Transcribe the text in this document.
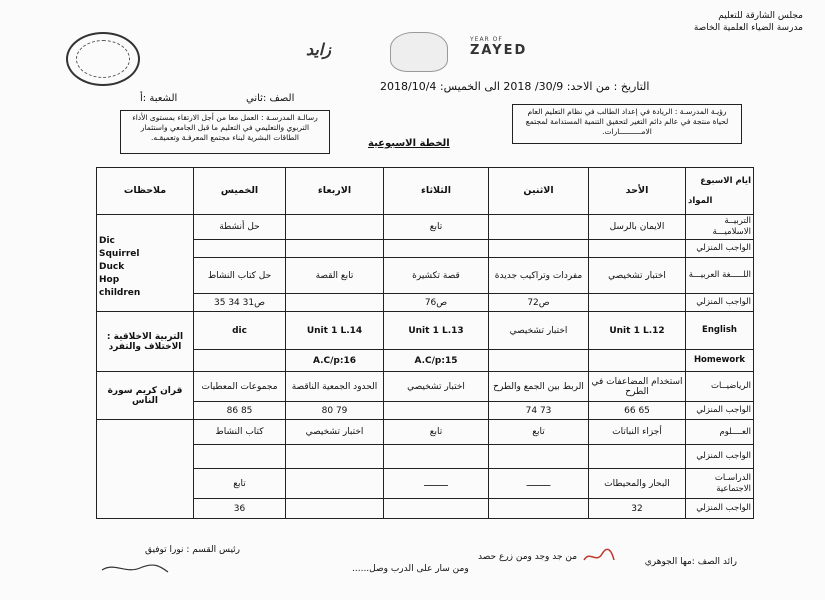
مجلس الشارقة للتعليم
مدرسة الضياء العلمية الخاصة
زايد
YEAR OF
ZAYED
التاريخ : من الاحد: 30/9/ 2018 الى الخميس: 2018/10/4
الصف :ثاني
الشعبة :أ
رؤيـة المدرسـة : الريادة في إعداد الطالب في نظام التعليم العام لحياة منتجة في عالم دائم التغير لتحقيق التنمية المستدامة لمجتمع الامــــــــــارات.
رسالـة المدرسـة : العمل معا من أجل الارتقاء بمستوى الأداء التربوي والتعليمي في التعليم ما قبل الجامعي واستثمار الطاقات البشرية لبناء مجتمع المعرفـة وتعميقـه.
الخطة الاسبوعية
ايام الاسبوع
المواد	الأحد	الاثنين	الثلاثاء	الاربعاء	الخميس	ملاحظات
التربيــة الاسلاميـــة	الايمان بالرسل		تابع		حل أنشطة	Dic
Squirrel
Duck
Hop
children

الواجب المنزلي						
اللـــــغة العربيـــة	اختبار تشخيصي	مفردات وتراكيب جديدة	قصة تكشيرة	تابع القصة	حل كتاب النشاط	
الواجب المنزلي		ص72	ص76		ص31 34 35	
English	Unit 1 L.12	اختبار تشخيصي	Unit 1 L.13	Unit 1 L.14	dic	التربية الاخلاقية : الاختلاف والتفرد
Homework			A.C/p:15	A.C/p:16		
الرياضيــات	استخدام المضاعفات في الطرح	الربط بين الجمع والطرح	اختبار تشخيصي	الحدود الجمعية الناقصة	مجموعات المعطيات	قران كريم سورة الناس
الواجب المنزلي	65 66	73 74		79 80	85 86	
العــــلوم	أجزاء النباتات	تابع	تابع	اختبار تشخيصي	كتاب النشاط	
الواجب المنزلي						
الدراسـات الاجتماعية	البحار والمحيطات	ـــــــــ	ـــــــــ		تابع	
الواجب المنزلي	32				36	
رائد الصف :مها الجوهري
رئيس القسم : نورا توفيق
من جد وجد ومن زرع حصد
ومن سار على الدرب وصل......
